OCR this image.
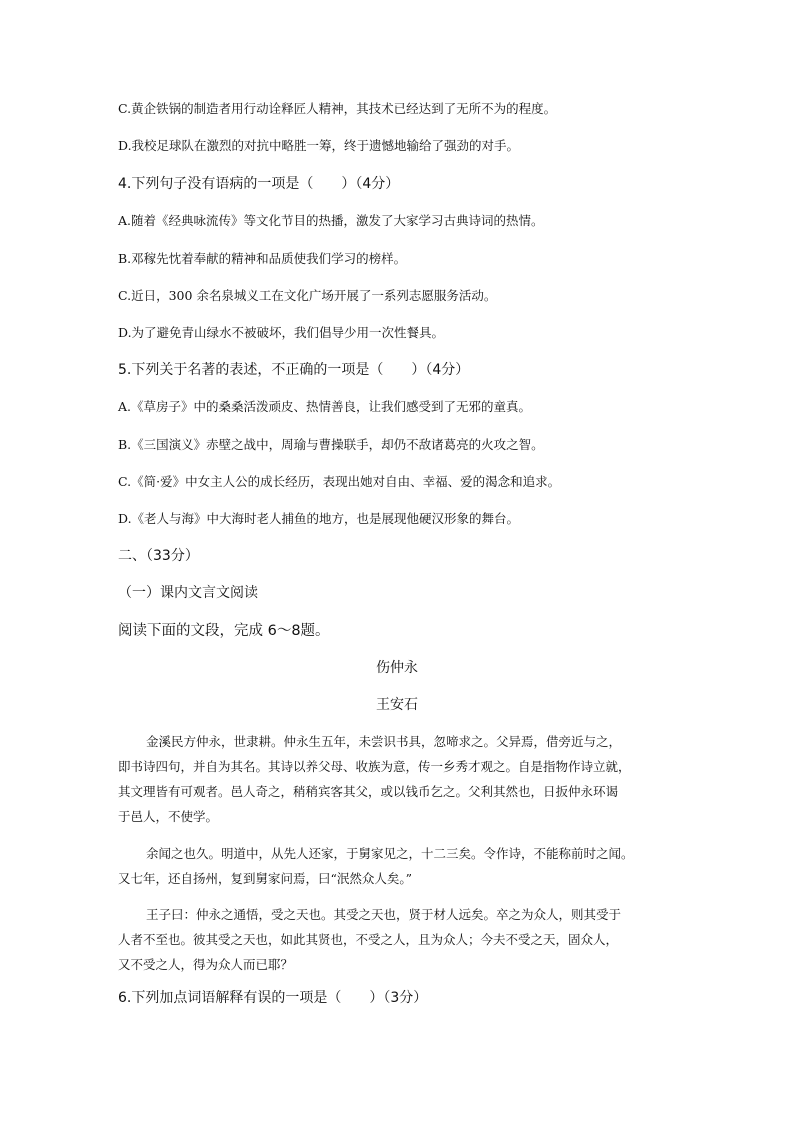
C.黄企铁锅的制造者用行动诠释匠人精神，其技术已经达到了无所不为的程度。
D.我校足球队在激烈的对抗中略胜一筹，终于遗憾地输给了强劲的对手。
4.下列句子没有语病的一项是（　　）（4分）
A.随着《经典咏流传》等文化节目的热播，激发了大家学习古典诗词的热情。
B.邓稼先忱着奉献的精神和品质使我们学习的榜样。
C.近日，300 余名泉城义工在文化广场开展了一系列志愿服务活动。
D.为了避免青山绿水不被破坏，我们倡导少用一次性餐具。
5.下列关于名著的表述，不正确的一项是（　　）（4分）
A.《草房子》中的桑桑活泼顽皮、热情善良，让我们感受到了无邪的童真。
B.《三国演义》赤壁之战中，周瑜与曹操联手，却仍不敌诸葛亮的火攻之智。
C.《简·爱》中女主人公的成长经历，表现出她对自由、幸福、爱的渴念和追求。
D.《老人与海》中大海时老人捕鱼的地方，也是展现他硬汉形象的舞台。
二、（33分）
（一）课内文言文阅读
阅读下面的文段，完成 6～8题。
伤仲永
王安石
金溪民方仲永，世隶耕。仲永生五年，未尝识书具，忽啼求之。父异焉，借旁近与之，
即书诗四句，并自为其名。其诗以养父母、收族为意，传一乡秀才观之。自是指物作诗立就，
其文理皆有可观者。邑人奇之，稍稍宾客其父，或以钱币乞之。父利其然也，日扳仲永环谒
于邑人，不使学。
余闻之也久。明道中，从先人还家，于舅家见之，十二三矣。令作诗，不能称前时之闻。
又七年，还自扬州，复到舅家问焉，曰“泯然众人矣。”
王子曰：仲永之通悟，受之天也。其受之天也，贤于材人远矣。卒之为众人，则其受于
人者不至也。彼其受之天也，如此其贤也，不受之人，且为众人；今夫不受之天，固众人，
又不受之人，得为众人而已耶？
6.下列加点词语解释有误的一项是（　　）（3分）
